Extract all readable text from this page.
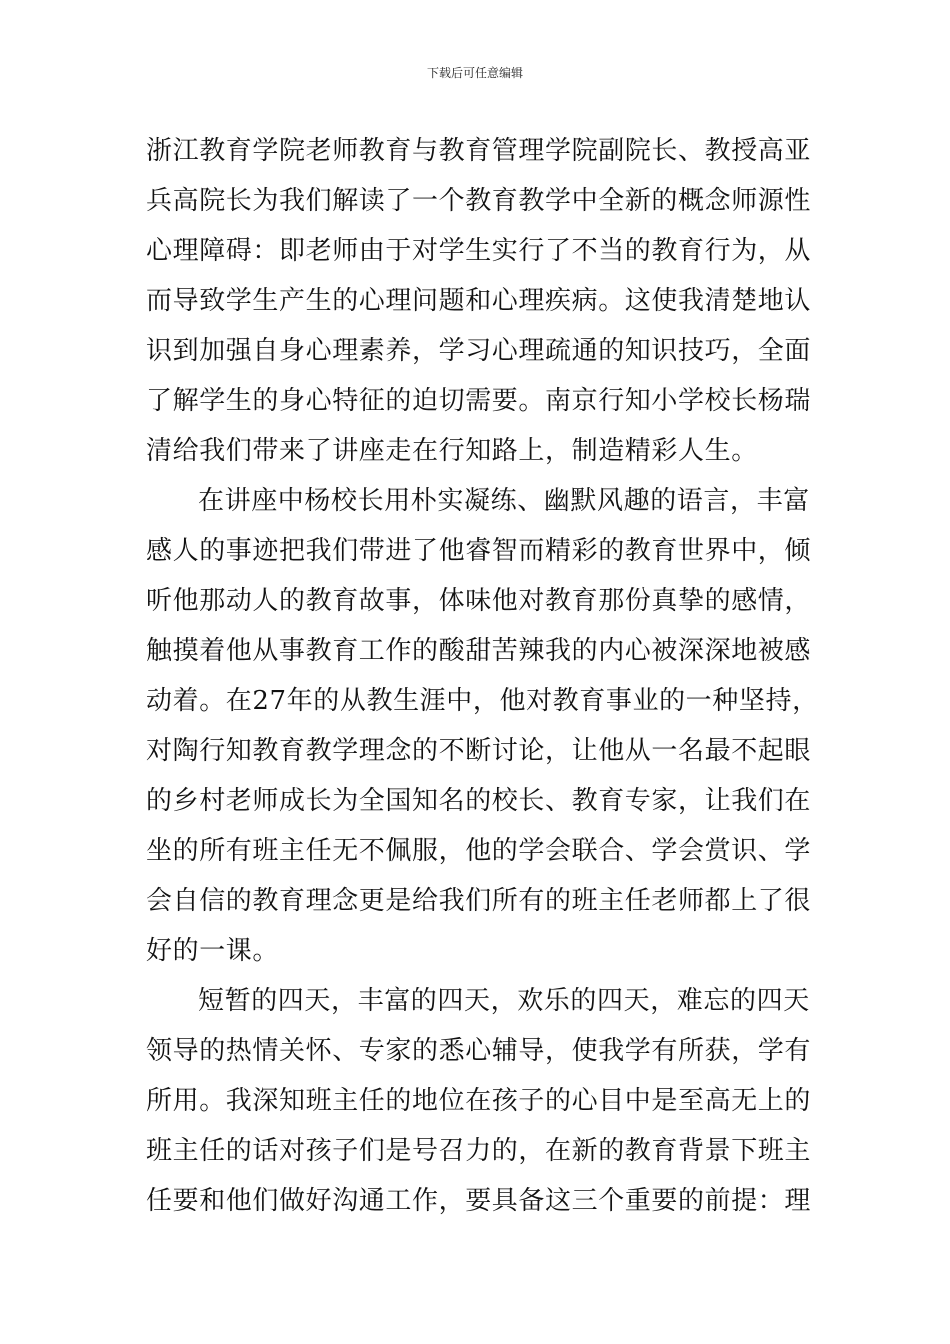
下载后可任意编辑
浙江教育学院老师教育与教育管理学院副院长、教授高亚
兵高院长为我们解读了一个教育教学中全新的概念师源性
心理障碍：即老师由于对学生实行了不当的教育行为，从
而导致学生产生的心理问题和心理疾病。这使我清楚地认
识到加强自身心理素养，学习心理疏通的知识技巧，全面
了解学生的身心特征的迫切需要。南京行知小学校长杨瑞
清给我们带来了讲座走在行知路上，制造精彩人生。
在讲座中杨校长用朴实凝练、幽默风趣的语言，丰富
感人的事迹把我们带进了他睿智而精彩的教育世界中，倾
听他那动人的教育故事，体味他对教育那份真挚的感情，
触摸着他从事教育工作的酸甜苦辣我的内心被深深地被感
动着。在27年的从教生涯中，他对教育事业的一种坚持，
对陶行知教育教学理念的不断讨论，让他从一名最不起眼
的乡村老师成长为全国知名的校长、教育专家，让我们在
坐的所有班主任无不佩服，他的学会联合、学会赏识、学
会自信的教育理念更是给我们所有的班主任老师都上了很
好的一课。
短暂的四天，丰富的四天，欢乐的四天，难忘的四天
领导的热情关怀、专家的悉心辅导，使我学有所获，学有
所用。我深知班主任的地位在孩子的心目中是至高无上的
班主任的话对孩子们是号召力的，在新的教育背景下班主
任要和他们做好沟通工作，要具备这三个重要的前提：理
